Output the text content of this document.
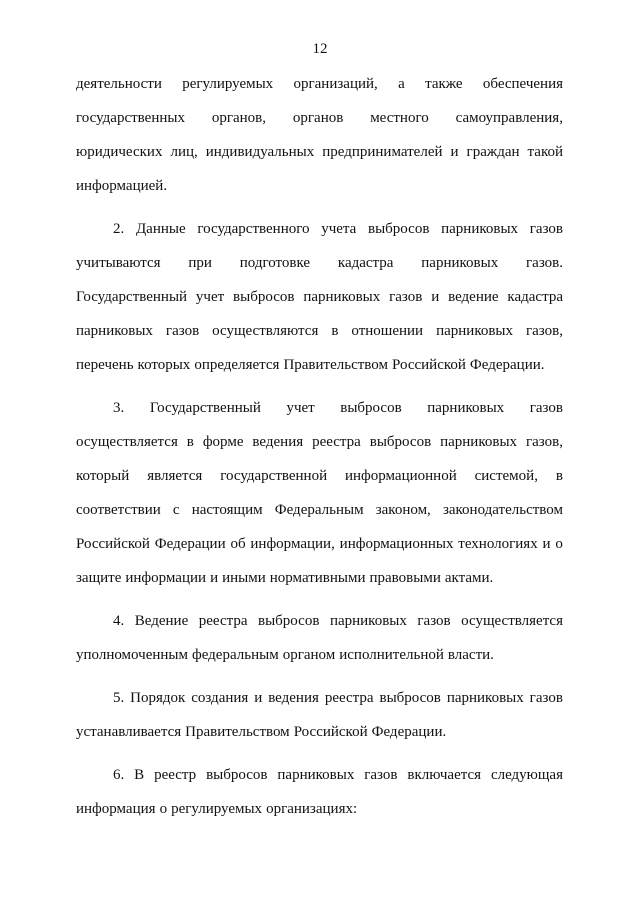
12
деятельности регулируемых организаций, а также обеспечения
государственных органов, органов местного самоуправления,
юридических лиц, индивидуальных предпринимателей и граждан такой
информацией.
2. Данные государственного учета выбросов парниковых газов
учитываются при подготовке кадастра парниковых газов.
Государственный учет выбросов парниковых газов и ведение кадастра
парниковых газов осуществляются в отношении парниковых газов,
перечень которых определяется Правительством Российской Федерации.
3. Государственный учет выбросов парниковых газов
осуществляется в форме ведения реестра выбросов парниковых газов,
который является государственной информационной системой, в
соответствии с настоящим Федеральным законом, законодательством
Российской Федерации об информации, информационных технологиях и о
защите информации и иными нормативными правовыми актами.
4. Ведение реестра выбросов парниковых газов осуществляется
уполномоченным федеральным органом исполнительной власти.
5. Порядок создания и ведения реестра выбросов парниковых газов
устанавливается Правительством Российской Федерации.
6. В реестр выбросов парниковых газов включается следующая
информация о регулируемых организациях:
